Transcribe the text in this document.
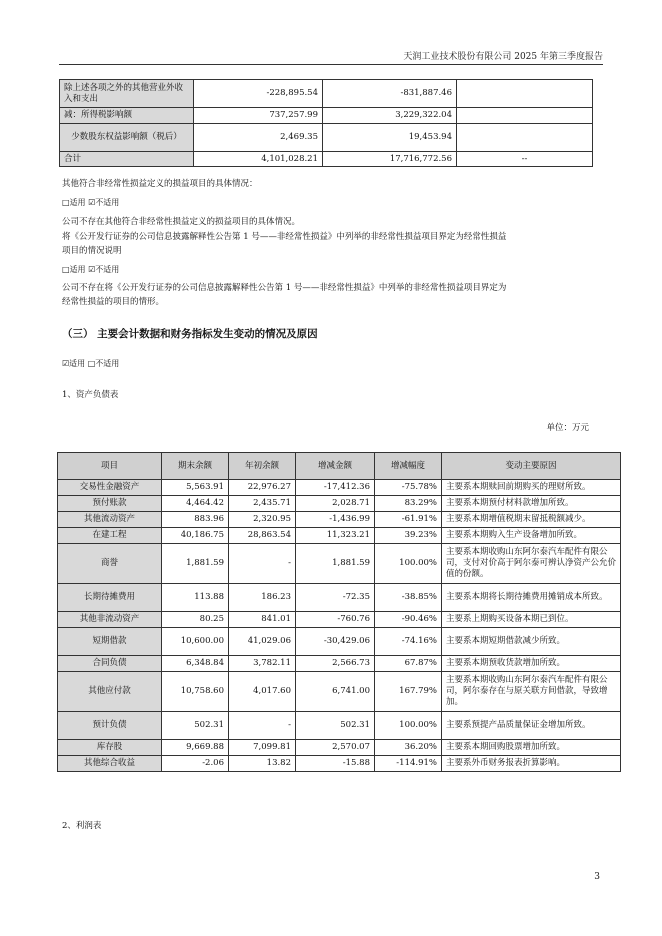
天润工业技术股份有限公司 2025 年第三季度报告
除上述各项之外的其他营业外收入和支出	-228,895.54	-831,887.46	
减：所得税影响额	737,257.99	3,229,322.04	
少数股东权益影响额（税后）	2,469.35	19,453.94	
合计	4,101,028.21	17,716,772.56	--
其他符合非经常性损益定义的损益项目的具体情况：
□适用 ☑不适用
公司不存在其他符合非经常性损益定义的损益项目的具体情况。
将《公开发行证券的公司信息披露解释性公告第 1 号——非经常性损益》中列举的非经常性损益项目界定为经常性损益
项目的情况说明
□适用 ☑不适用
公司不存在将《公开发行证券的公司信息披露解释性公告第 1 号——非经常性损益》中列举的非经常性损益项目界定为
经常性损益的项目的情形。
（三） 主要会计数据和财务指标发生变动的情况及原因
☑适用 □不适用
1、资产负债表
单位：万元
项目	期末余额	年初余额	增减金额	增减幅度	变动主要原因
交易性金融资产	5,563.91	22,976.27	-17,412.36	-75.78%	主要系本期赎回前期购买的理财所致。
预付账款	4,464.42	2,435.71	2,028.71	83.29%	主要系本期预付材料款增加所致。
其他流动资产	883.96	2,320.95	-1,436.99	-61.91%	主要系本期增值税期末留抵税额减少。
在建工程	40,186.75	28,863.54	11,323.21	39.23%	主要系本期购入生产设备增加所致。
商誉	1,881.59	-	1,881.59	100.00%	主要系本期收购山东阿尔泰汽车配件有限公司，支付对价高于阿尔泰可辨认净资产公允价值的份额。
长期待摊费用	113.88	186.23	-72.35	-38.85%	主要系本期将长期待摊费用摊销成本所致。
其他非流动资产	80.25	841.01	-760.76	-90.46%	主要系上期购买设备本期已到位。
短期借款	10,600.00	41,029.06	-30,429.06	-74.16%	主要系本期短期借款减少所致。
合同负债	6,348.84	3,782.11	2,566.73	67.87%	主要系本期预收货款增加所致。
其他应付款	10,758.60	4,017.60	6,741.00	167.79%	主要系本期收购山东阿尔泰汽车配件有限公司，阿尔泰存在与原关联方间借款，导致增加。
预计负债	502.31	-	502.31	100.00%	主要系预提产品质量保证金增加所致。
库存股	9,669.88	7,099.81	2,570.07	36.20%	主要系本期回购股票增加所致。
其他综合收益	-2.06	13.82	-15.88	-114.91%	主要系外币财务报表折算影响。
2、利润表
3
